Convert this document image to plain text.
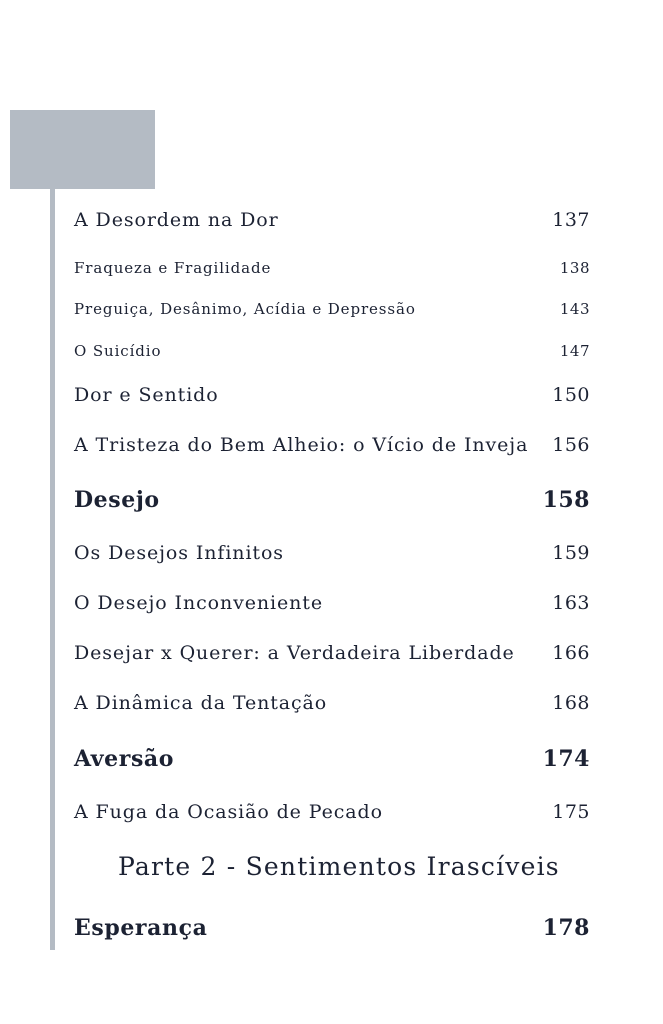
A Desordem na Dor	137
Fraqueza e Fragilidade	138
Preguiça, Desânimo, Acídia e Depressão	143
O Suicídio	147
Dor e Sentido	150
A Tristeza do Bem Alheio: o Vício de Inveja 156
Desejo	158
Os Desejos Infinitos	159
O Desejo Inconveniente	163
Desejar x Querer: a Verdadeira Liberdade 166
A Dinâmica da Tentação	168
Aversão	174
A Fuga da Ocasião de Pecado	175
Parte 2 - Sentimentos Irascíveis
Esperança	178
